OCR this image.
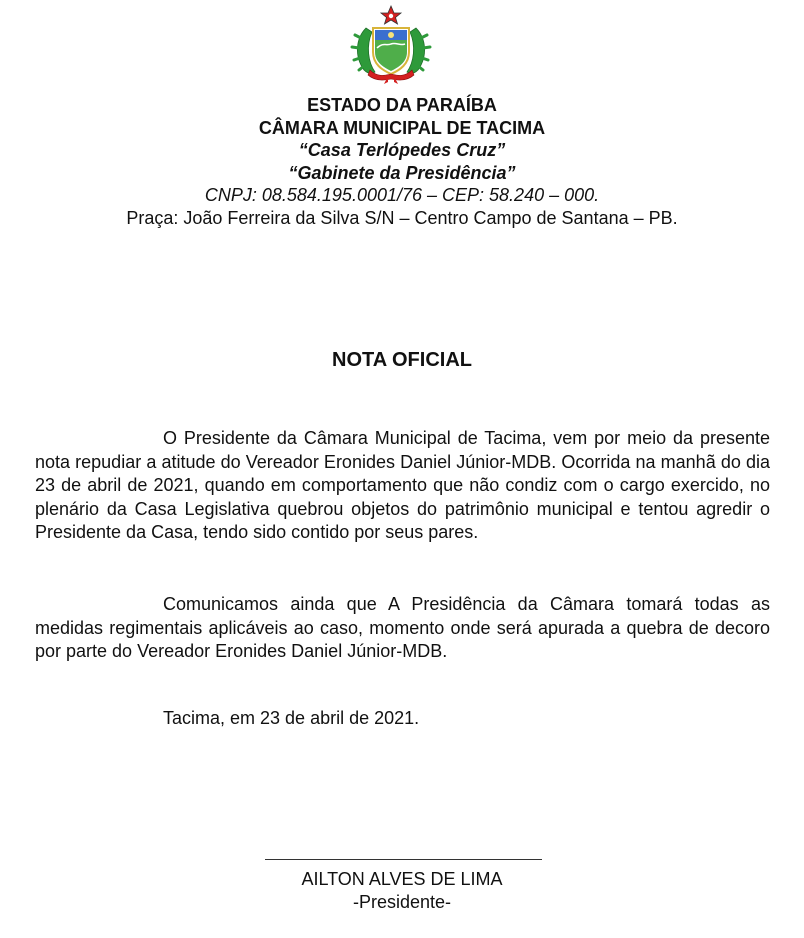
ESTADO DA PARAÍBA
CÂMARA MUNICIPAL DE TACIMA
“Casa Terlópedes Cruz”
“Gabinete da Presidência”
CNPJ: 08.584.195.0001/76 – CEP: 58.240 – 000.
Praça: João Ferreira da Silva S/N – Centro Campo de Santana – PB.
NOTA OFICIAL

O Presidente da Câmara Municipal de Tacima, vem por meio da presente nota repudiar a atitude do Vereador Eronides Daniel Júnior-MDB. Ocorrida na manhã do dia 23 de abril de 2021, quando em comportamento que não condiz com o cargo exercido, no plenário da Casa Legislativa quebrou objetos do patrimônio municipal e tentou agredir o Presidente da Casa, tendo sido contido por seus pares.

Comunicamos ainda que A Presidência da Câmara tomará todas as medidas regimentais aplicáveis ao caso, momento onde será apurada a quebra de decoro por parte do Vereador Eronides Daniel Júnior-MDB.

Tacima, em 23 de abril de 2021.
AILTON ALVES DE LIMA
-Presidente-
